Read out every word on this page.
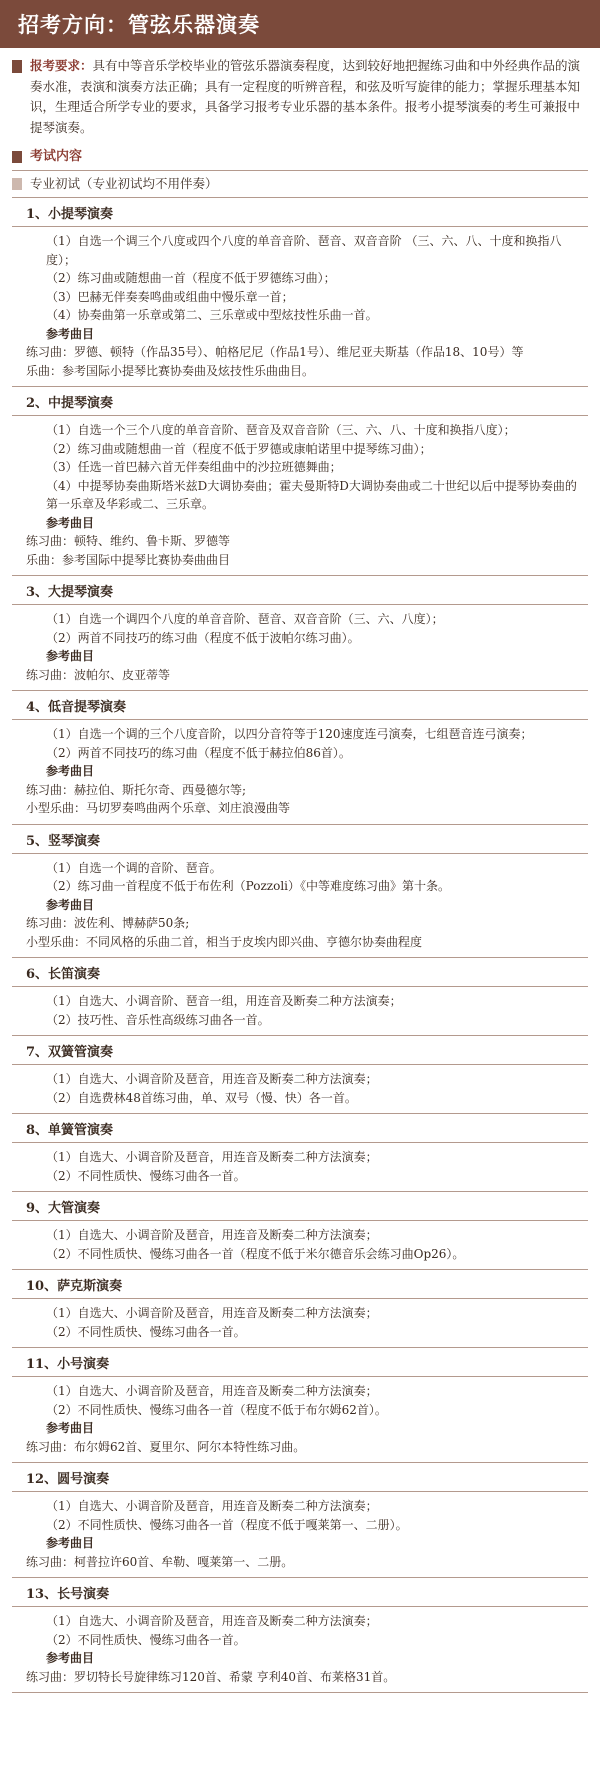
招考方向：管弦乐器演奏
报考要求：具有中等音乐学校毕业的管弦乐器演奏程度，达到较好地把握练习曲和中外经典作品的演奏水准，表演和演奏方法正确；具有一定程度的听辨音程，和弦及听写旋律的能力；掌握乐理基本知识，生理适合所学专业的要求，具备学习报考专业乐器的基本条件。报考小提琴演奏的考生可兼报中提琴演奏。
考试内容
专业初试（专业初试均不用伴奏）
1、小提琴演奏
（1）自选一个调三个八度或四个八度的单音音阶、琶音、双音音阶 （三、六、八、十度和换指八度）；
（2）练习曲或随想曲一首（程度不低于罗德练习曲）；
（3）巴赫无伴奏奏鸣曲或组曲中慢乐章一首；
（4）协奏曲第一乐章或第二、三乐章或中型炫技性乐曲一首。
参考曲目
练习曲：罗德、顿特（作品35号）、帕格尼尼（作品1号）、维尼亚夫斯基（作品18、10号）等
乐曲：参考国际小提琴比赛协奏曲及炫技性乐曲曲目。
2、中提琴演奏
（1）自选一个三个八度的单音音阶、琶音及双音音阶（三、六、八、十度和换指八度）；
（2）练习曲或随想曲一首（程度不低于罗德或康帕诺里中提琴练习曲）；
（3）任选一首巴赫六首无伴奏组曲中的沙拉班德舞曲；
（4）中提琴协奏曲斯塔米兹D大调协奏曲；霍夫曼斯特D大调协奏曲或二十世纪以后中提琴协奏曲的第一乐章及华彩或二、三乐章。
参考曲目
练习曲：顿特、维约、鲁卡斯、罗德等
乐曲：参考国际中提琴比赛协奏曲曲目
3、大提琴演奏
（1）自选一个调四个八度的单音音阶、琶音、双音音阶（三、六、八度）；
（2）两首不同技巧的练习曲（程度不低于波帕尔练习曲）。
参考曲目
练习曲：波帕尔、皮亚蒂等
4、低音提琴演奏
（1）自选一个调的三个八度音阶，以四分音符等于120速度连弓演奏，七组琶音连弓演奏；
（2）两首不同技巧的练习曲（程度不低于赫拉伯86首）。
参考曲目
练习曲：赫拉伯、斯托尔奇、西曼德尔等;
小型乐曲：马切罗奏鸣曲两个乐章、刘庄浪漫曲等
5、竖琴演奏
（1）自选一个调的音阶、琶音。
（2）练习曲一首程度不低于布佐利（Pozzoli）《中等难度练习曲》第十条。
参考曲目
练习曲：波佐利、博赫萨50条;
小型乐曲：不同风格的乐曲二首，相当于皮埃内即兴曲、亨德尔协奏曲程度
6、长笛演奏
（1）自选大、小调音阶、琶音一组，用连音及断奏二种方法演奏；
（2）技巧性、音乐性高级练习曲各一首。
7、双簧管演奏
（1）自选大、小调音阶及琶音，用连音及断奏二种方法演奏；
（2）自选费林48首练习曲，单、双号（慢、快）各一首。
8、单簧管演奏
（1）自选大、小调音阶及琶音，用连音及断奏二种方法演奏；
（2）不同性质快、慢练习曲各一首。
9、大管演奏
（1）自选大、小调音阶及琶音，用连音及断奏二种方法演奏；
（2）不同性质快、慢练习曲各一首（程度不低于米尔德音乐会练习曲Op26）。
10、萨克斯演奏
（1）自选大、小调音阶及琶音，用连音及断奏二种方法演奏；
（2）不同性质快、慢练习曲各一首。
11、小号演奏
（1）自选大、小调音阶及琶音，用连音及断奏二种方法演奏；
（2）不同性质快、慢练习曲各一首（程度不低于布尔姆62首）。
参考曲目
练习曲：布尔姆62首、夏里尔、阿尔本特性练习曲。
12、圆号演奏
（1）自选大、小调音阶及琶音，用连音及断奏二种方法演奏；
（2）不同性质快、慢练习曲各一首（程度不低于嘎莱第一、二册）。
参考曲目
练习曲：柯普拉许60首、牟勒、嘎莱第一、二册。
13、长号演奏
（1）自选大、小调音阶及琶音，用连音及断奏二种方法演奏；
（2）不同性质快、慢练习曲各一首。
参考曲目
练习曲：罗切特长号旋律练习120首、希蒙 亨利40首、布莱格31首。
